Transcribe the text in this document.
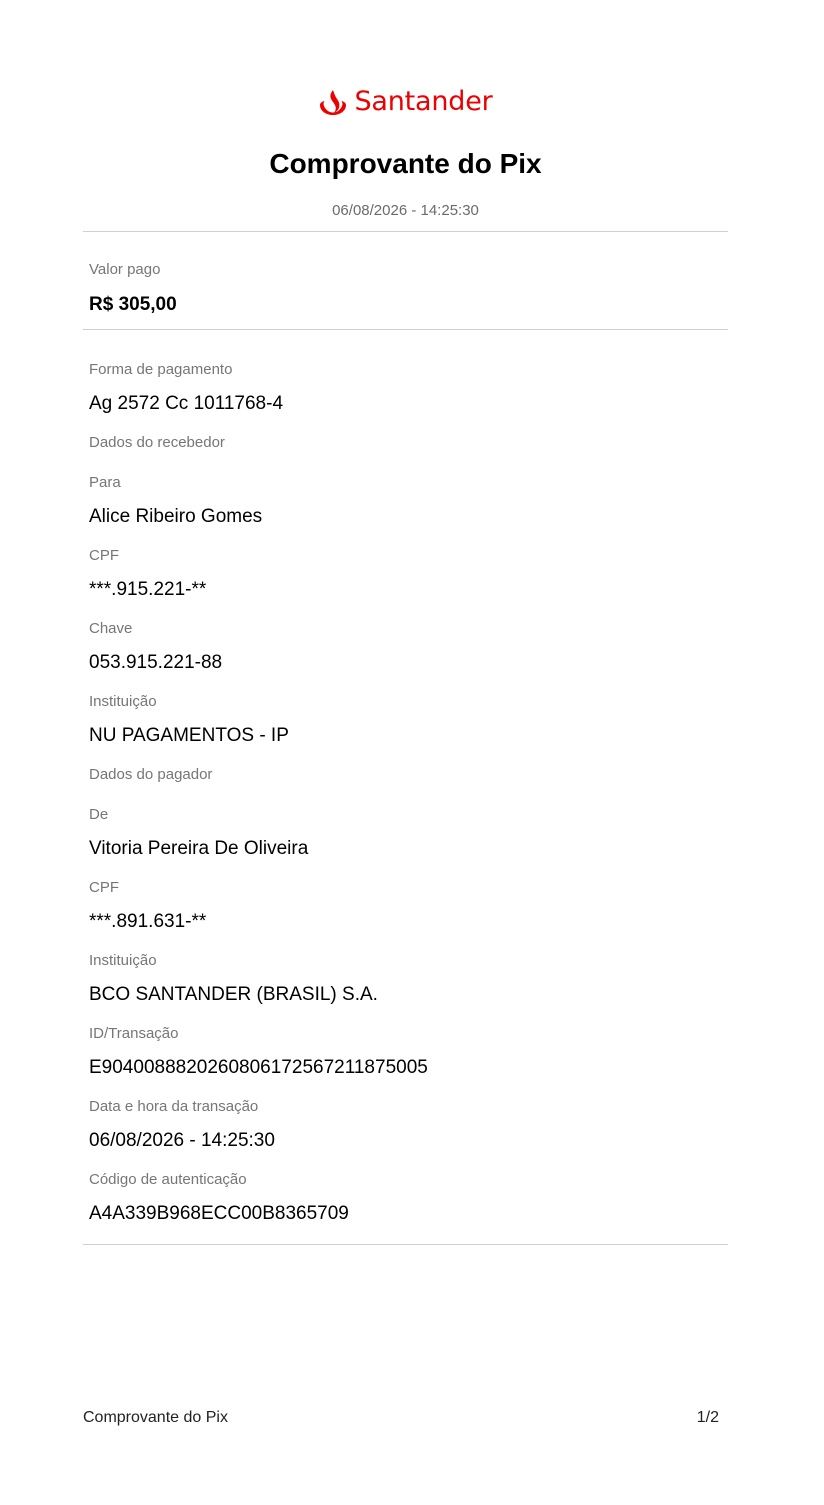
Santander
Comprovante do Pix
06/08/2026 - 14:25:30
Valor pago
R$ 305,00
Forma de pagamento
Ag 2572 Cc 1011768-4
Dados do recebedor
Para
Alice Ribeiro Gomes
CPF
***.915.221-**
Chave
053.915.221-88
Instituição
NU PAGAMENTOS - IP
Dados do pagador
De
Vitoria Pereira De Oliveira
CPF
***.891.631-**
Instituição
BCO SANTANDER (BRASIL) S.A.
ID/Transação
E90400888202608061725672118750​05
Data e hora da transação
06/08/2026 - 14:25:30
Código de autenticação
A4A339B968ECC00B8365709
Comprovante do Pix	1/2
